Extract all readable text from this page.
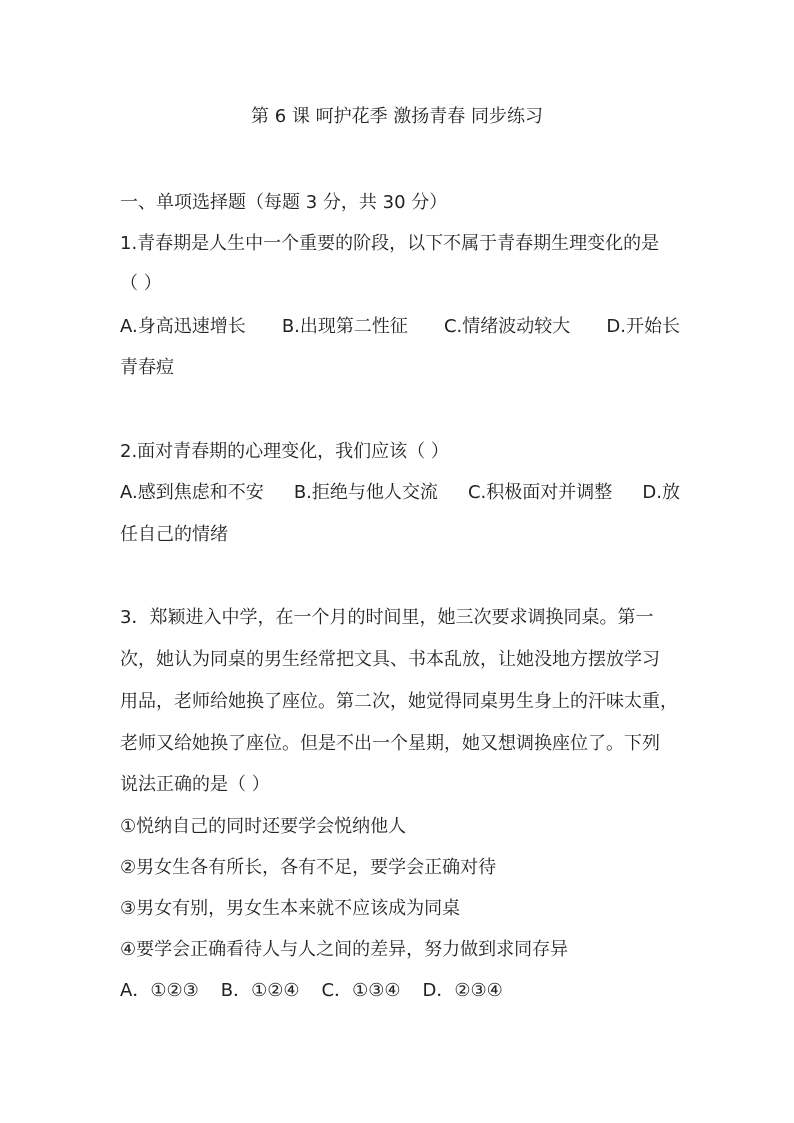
第 6 课 呵护花季 激扬青春 同步练习
一、单项选择题（每题 3 分，共 30 分）
1.青春期是人生中一个重要的阶段，以下不属于青春期生理变化的是
（ ）
A.身高迅速增长 B.出现第二性征 C.情绪波动较大 D.开始长
青春痘
2.面对青春期的心理变化，我们应该（ ）
A.感到焦虑和不安 B.拒绝与他人交流 C.积极面对并调整 D.放
任自己的情绪
3．郑颖进入中学，在一个月的时间里，她三次要求调换同桌。第一
次，她认为同桌的男生经常把文具、书本乱放，让她没地方摆放学习
用品，老师给她换了座位。第二次，她觉得同桌男生身上的汗味太重，
老师又给她换了座位。但是不出一个星期，她又想调换座位了。下列
说法正确的是（ ）
①悦纳自己的同时还要学会悦纳他人
②男女生各有所长，各有不足，要学会正确对待
③男女有别，男女生本来就不应该成为同桌
④要学会正确看待人与人之间的差异，努力做到求同存异
A．①②③ B．①②④ C．①③④ D．②③④
